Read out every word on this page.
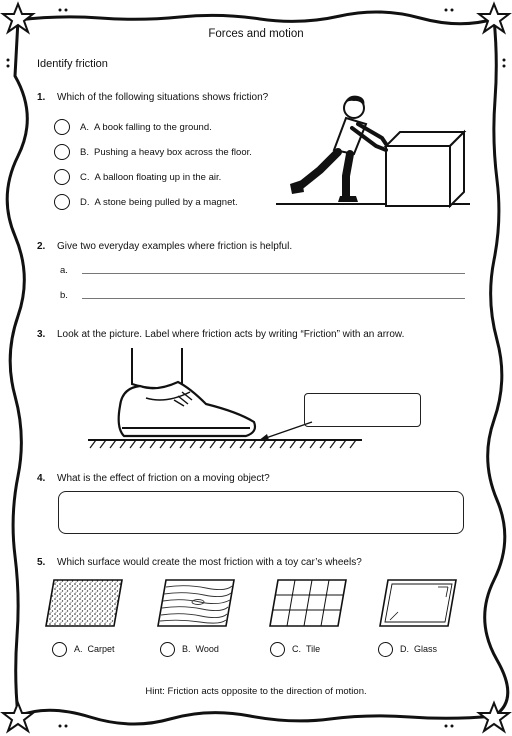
Forces and motion
Identify friction
1. Which of the following situations shows friction?
A. A book falling to the ground.
B. Pushing a heavy box across the floor.
C. A balloon floating up in the air.
D. A stone being pulled by a magnet.
2. Give two everyday examples where friction is helpful.
a.
b.
3. Look at the picture. Label where friction acts by writing “Friction” with an arrow.
4. What is the effect of friction on a moving object?
5. Which surface would create the most friction with a toy car’s wheels?
A. Carpet	B. Wood	C. Tile	D. Glass
Hint: Friction acts opposite to the direction of motion.
